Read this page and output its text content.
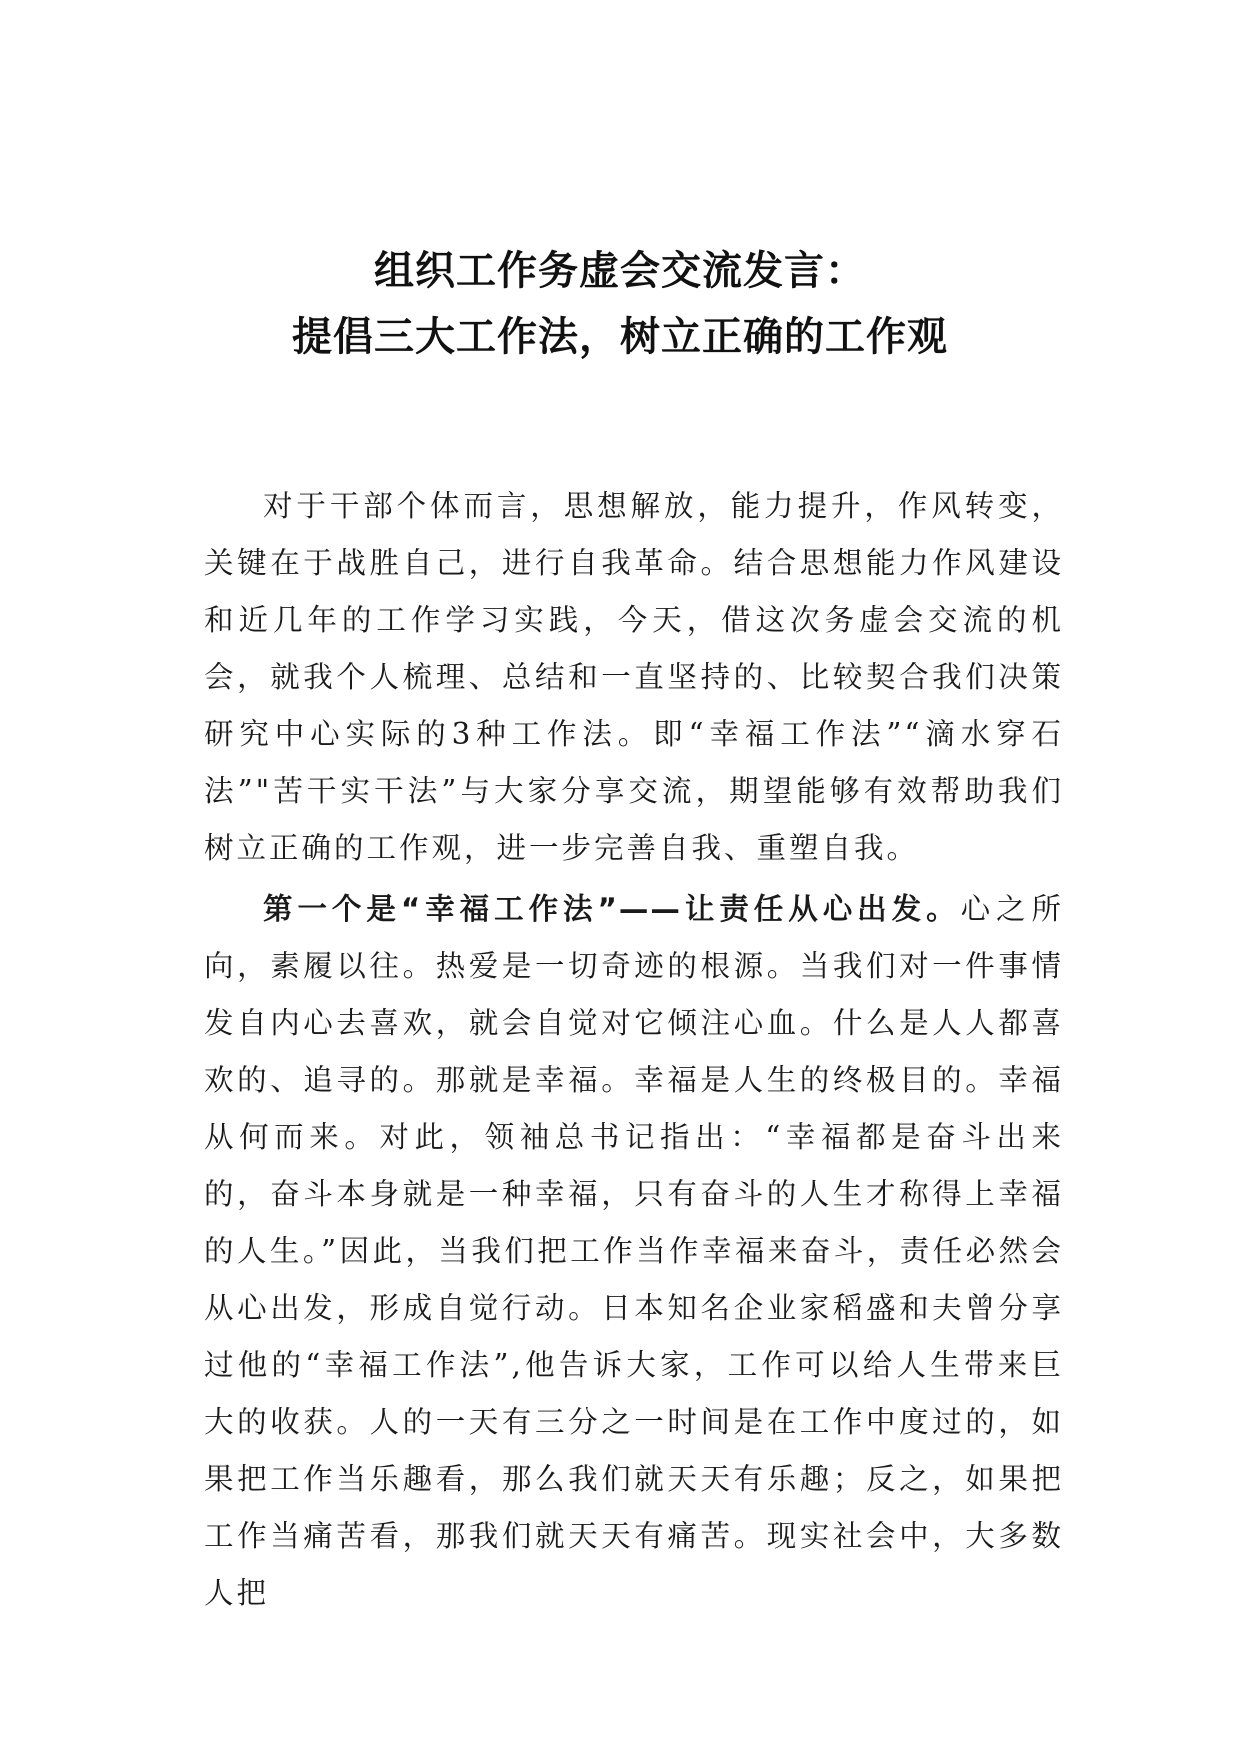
组织工作务虚会交流发言：
提倡三大工作法，树立正确的工作观

对于干部个体而言，思想解放，能力提升，作风转变，关键在于战胜自己，进行自我革命。结合思想能力作风建设和近几年的工作学习实践，今天，借这次务虚会交流的机会，就我个人梳理、总结和一直坚持的、比较契合我们决策研究中心实际的3种工作法。即“幸福工作法”“滴水穿石法”"苦干实干法”与大家分享交流，期望能够有效帮助我们树立正确的工作观，进一步完善自我、重塑自我。

第一个是“幸福工作法”——让责任从心出发。心之所向，素履以往。热爱是一切奇迹的根源。当我们对一件事情发自内心去喜欢，就会自觉对它倾注心血。什么是人人都喜欢的、追寻的。那就是幸福。幸福是人生的终极目的。幸福从何而来。对此，领袖总书记指出：“幸福都是奋斗出来的，奋斗本身就是一种幸福，只有奋斗的人生才称得上幸福的人生。”因此，当我们把工作当作幸福来奋斗，责任必然会从心出发，形成自觉行动。日本知名企业家稻盛和夫曾分享过他的“幸福工作法”,他告诉大家，工作可以给人生带来巨大的收获。人的一天有三分之一时间是在工作中度过的，如果把工作当乐趣看，那么我们就天天有乐趣；反之，如果把工作当痛苦看，那我们就天天有痛苦。现实社会中，大多数人把
